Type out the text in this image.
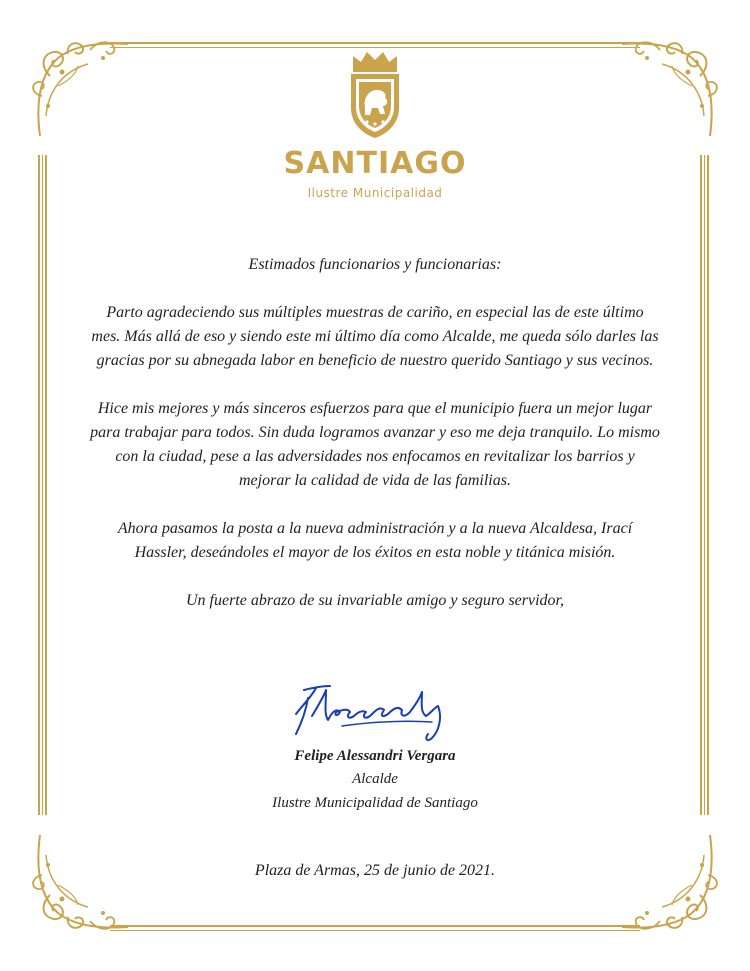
SANTIAGO
Ilustre Municipalidad

Estimados funcionarios y funcionarias:

Parto agradeciendo sus múltiples muestras de cariño, en especial las de este último mes. Más allá de eso y siendo este mi último día como Alcalde, me queda sólo darles las gracias por su abnegada labor en beneficio de nuestro querido Santiago y sus vecinos.

Hice mis mejores y más sinceros esfuerzos para que el municipio fuera un mejor lugar para trabajar para todos. Sin duda logramos avanzar y eso me deja tranquilo. Lo mismo con la ciudad, pese a las adversidades nos enfocamos en revitalizar los barrios y mejorar la calidad de vida de las familias.

Ahora pasamos la posta a la nueva administración y a la nueva Alcaldesa, Irací Hassler, deseándoles el mayor de los éxitos en esta noble y titánica misión.

Un fuerte abrazo de su invariable amigo y seguro servidor,

Felipe Alessandri Vergara
Alcalde
Ilustre Municipalidad de Santiago
Plaza de Armas, 25 de junio de 2021.
